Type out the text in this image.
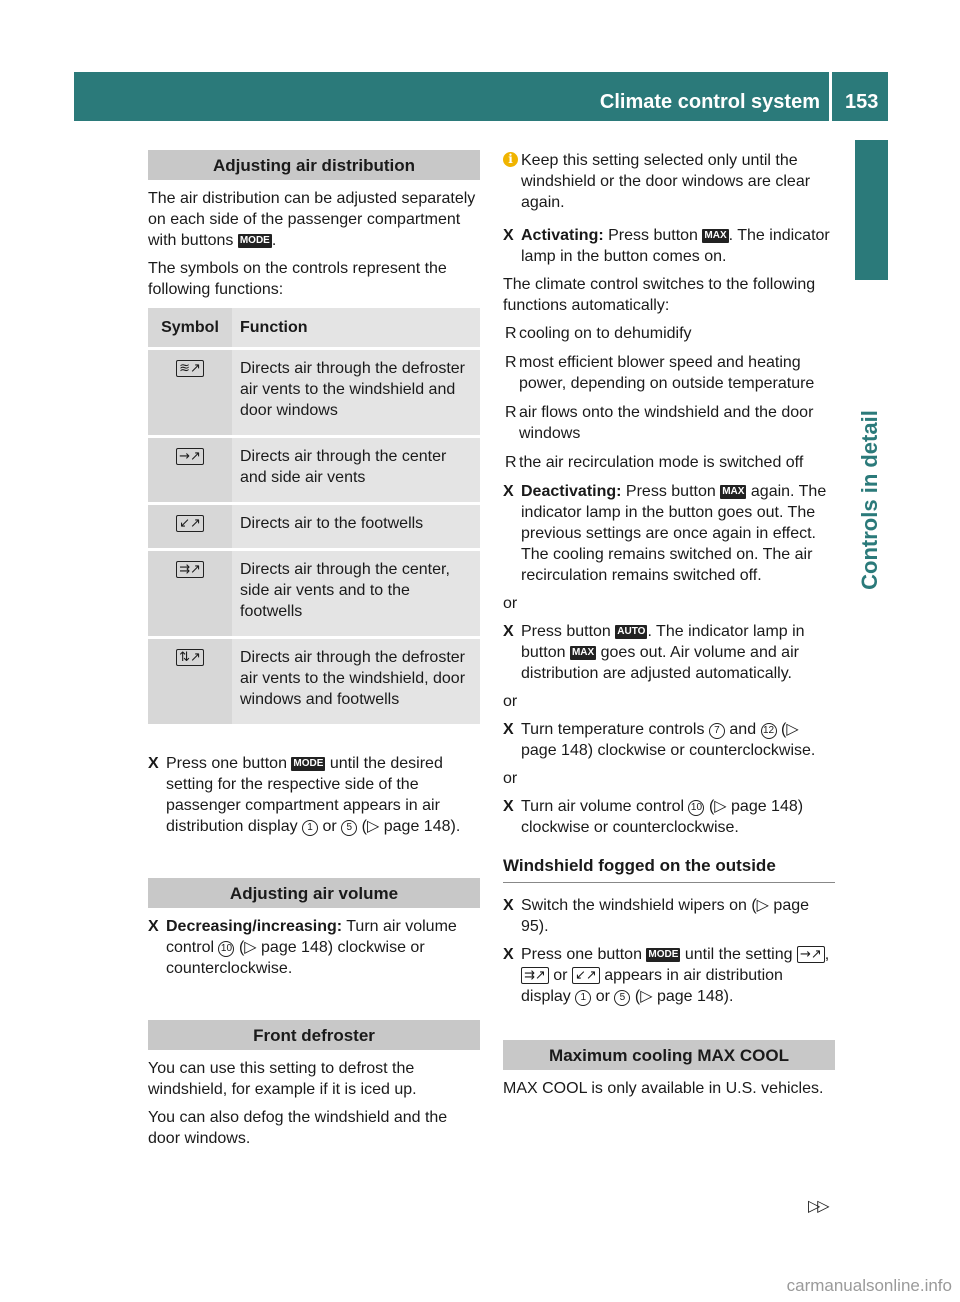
Climate control system 153
Controls in detail
Adjusting air distribution

The air distribution can be adjusted separately on each side of the passenger compartment with buttons MODE .

The symbols on the controls represent the following functions:

Symbol	Function
≋↗	Directs air through the defroster air vents to the windshield and door windows
→↗	Directs air through the center and side air vents
↙↗	Directs air to the footwells
⇉↗	Directs air through the center, side air vents and to the footwells
⇅↗	Directs air through the defroster air vents to the windshield, door windows and footwells
X Press one button MODE until the desired setting for the respective side of the passenger compartment appears in air distribution display 1 or 5 (▷ page 148).
Adjusting air volume
X Decreasing/increasing: Turn air volume control 10 (▷ page 148) clockwise or counterclockwise.
Front defroster

You can use this setting to defrost the windshield, for example if it is iced up.

You can also defog the windshield and the door windows.

i Keep this setting selected only until the windshield or the door windows are clear again.
X Activating: Press button MAX . The indicator lamp in the button comes on.

The climate control switches to the following functions automatically:

R cooling on to dehumidify
R most efficient blower speed and heating power, depending on outside temperature
R air flows onto the windshield and the door windows
R the air recirculation mode is switched off
X Deactivating: Press button MAX again. The indicator lamp in the button goes out. The previous settings are once again in effect. The cooling remains switched on. The air recirculation remains switched off.

or

X Press button AUTO . The indicator lamp in button MAX goes out. Air volume and air distribution are adjusted automatically.

or

X Turn temperature controls 7 and 12 (▷ page 148) clockwise or counterclockwise.

or

X Turn air volume control 10 (▷ page 148) clockwise or counterclockwise.
Windshield fogged on the outside
X Switch the windshield wipers on (▷ page 95).
X Press one button MODE until the setting →↗ , ⇉↗ or ↙↗ appears in air distribution display 1 or 5 (▷ page 148).
Maximum cooling MAX COOL

MAX COOL is only available in U.S. vehicles.

▷▷
carmanualsonline.info
